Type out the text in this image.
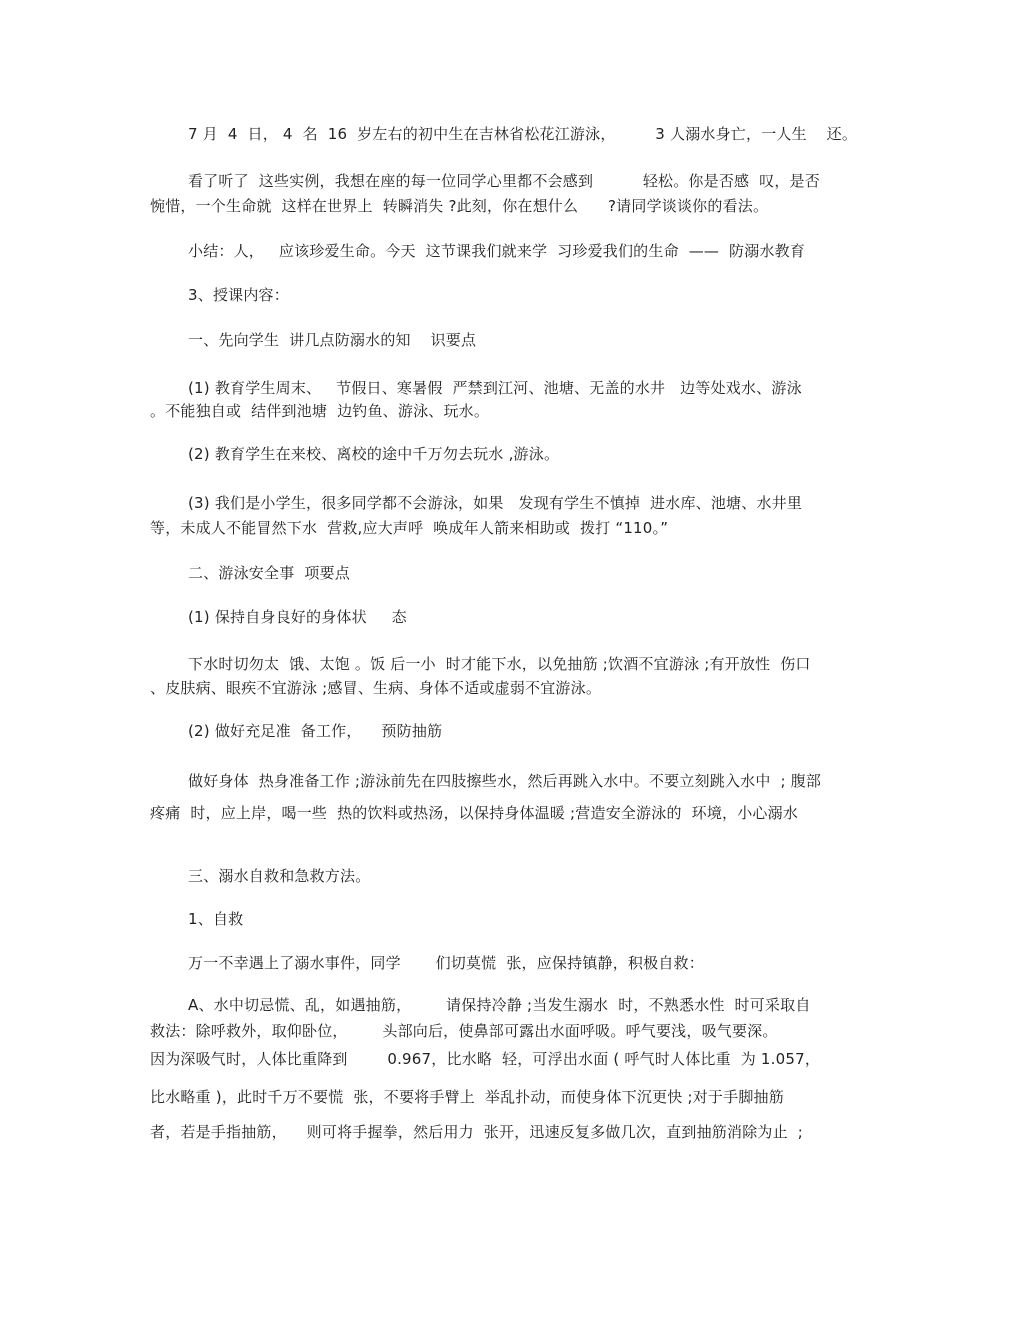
7 月  4  日， 4  名  16  岁左右的初中生在吉林省松花江游泳，        3 人溺水身亡，一人生    还。

看了听了  这些实例，我想在座的每一位同学心里都不会感到          轻松。你是否感  叹，是否

惋惜，一个生命就  这样在世界上  转瞬消失 ?此刻，你在想什么      ?请同学谈谈你的看法。

小结：人，   应该珍爱生命。今天  这节课我们就来学  习珍爱我们的生命  ——  防溺水教育

3、授课内容：

一、先向学生  讲几点防溺水的知    识要点

(1) 教育学生周末、   节假日、寒暑假  严禁到江河、池塘、无盖的水井   边等处戏水、游泳

。不能独自或  结伴到池塘  边钓鱼、游泳、玩水。

(2) 教育学生在来校、离校的途中千万勿去玩水 ,游泳。

(3) 我们是小学生，很多同学都不会游泳，如果   发现有学生不慎掉  进水库、池塘、水井里

等，未成人不能冒然下水  营救,应大声呼  唤成年人箭来相助或  拨打 “110。”

二、游泳安全事  项要点

(1) 保持自身良好的身体状     态

下水时切勿太  饿、太饱 。饭 后一小  时才能下水，以免抽筋 ;饮酒不宜游泳 ;有开放性  伤口

、皮肤病、眼疾不宜游泳 ;感冒、生病、身体不适或虚弱不宜游泳。

(2) 做好充足准  备工作，    预防抽筋

做好身体  热身准备工作 ;游泳前先在四肢擦些水，然后再跳入水中。不要立刻跳入水中  ; 腹部

疼痛  时，应上岸，喝一些  热的饮料或热汤，以保持身体温暖 ;营造安全游泳的  环境，小心溺水

三、溺水自救和急救方法。

1、自救

万一不幸遇上了溺水事件，同学       们切莫慌  张，应保持镇静，积极自救：

A、水中切忌慌、乱，如遇抽筋，       请保持冷静 ;当发生溺水  时，不熟悉水性  时可采取自

救法：除呼救外，取仰卧位，       头部向后，使鼻部可露出水面呼吸。呼气要浅，吸气要深。

因为深吸气时，人体比重降到        0.967，比水略  轻，可浮出水面 ( 呼气时人体比重  为 1.057，

比水略重 )，此时千万不要慌  张，不要将手臂上  举乱扑动，而使身体下沉更快 ;对于手脚抽筋

者，若是手指抽筋，    则可将手握拳，然后用力  张开，迅速反复多做几次，直到抽筋消除为止  ;
